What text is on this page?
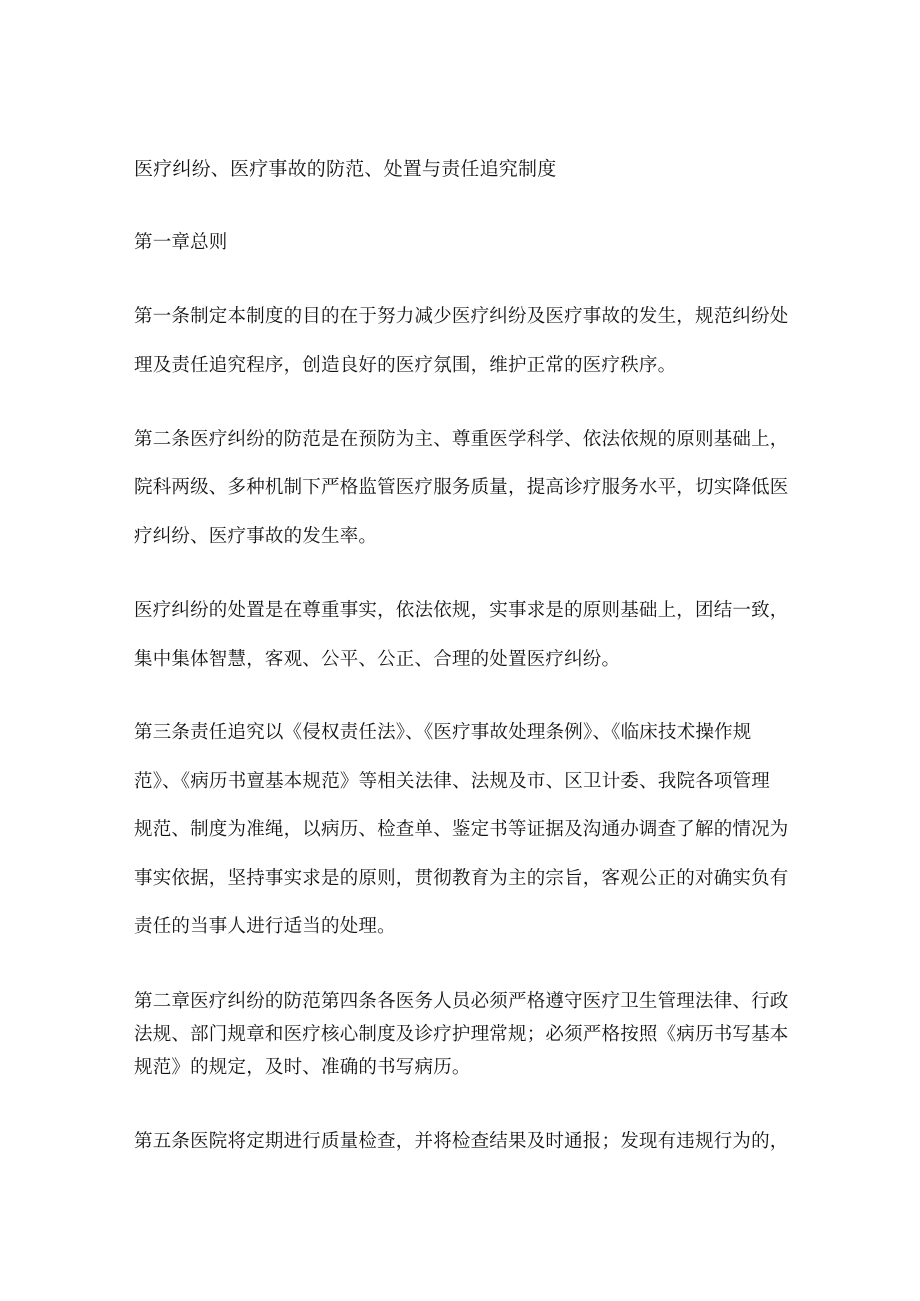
医疗纠纷、医疗事故的防范、处置与责任追究制度
第一章总则
第一条制定本制度的目的在于努力减少医疗纠纷及医疗事故的发生，规范纠纷处
理及责任追究程序，创造良好的医疗氛围，维护正常的医疗秩序。
第二条医疗纠纷的防范是在预防为主、尊重医学科学、依法依规的原则基础上，
院科两级、多种机制下严格监管医疗服务质量，提高诊疗服务水平，切实降低医
疗纠纷、医疗事故的发生率。
医疗纠纷的处置是在尊重事实，依法依规，实事求是的原则基础上，团结一致，
集中集体智慧，客观、公平、公正、合理的处置医疗纠纷。
第三条责任追究以《侵权责任法》、《医疗事故处理条例》、《临床技术操作规
范》、《病历书亶基本规范》等相关法律、法规及市、区卫计委、我院各项管理
规范、制度为准绳，以病历、检查单、鉴定书等证据及沟通办调查了解的情况为
事实依据，坚持事实求是的原则，贯彻教育为主的宗旨，客观公正的对确实负有
责任的当事人进行适当的处理。
第二章医疗纠纷的防范第四条各医务人员必须严格遵守医疗卫生管理法律、行政
法规、部门规章和医疗核心制度及诊疗护理常规；必须严格按照《病历书写基本
规范》的规定，及时、准确的书写病历。
第五条医院将定期进行质量检查，并将检查结果及时通报；发现有违规行为的，
